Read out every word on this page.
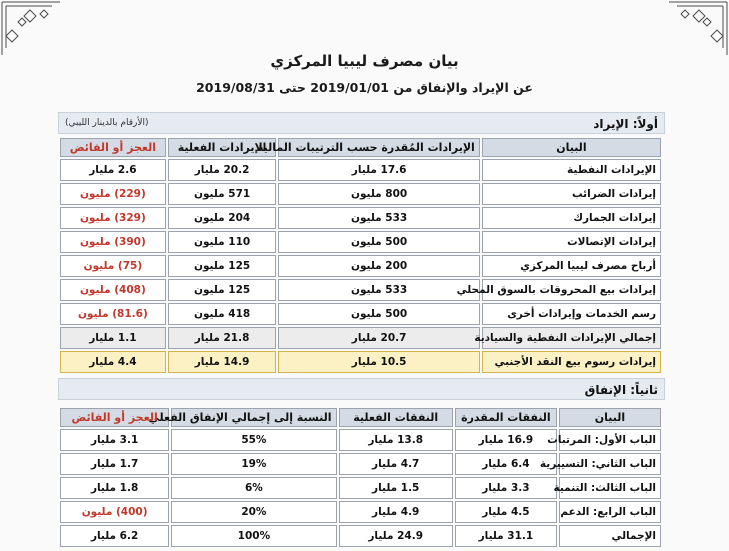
بيان مصرف ليبيا المركزي
عن الإيراد والإنفاق من 2019/01/01 حتى 2019/08/31
أولاً: الإيراد
(الأرقام بالدينار الليبي)
البيان	الإيرادات المُقدرة حسب الترتيبات المالية	الإيرادات الفعلية	العجز أو الفائض
الإيرادات النفطية	17.6 مليار	20.2 مليار	2.6 مليار
إيرادات الضرائب	800 مليون	571 مليون	(229) مليون
إيرادات الجمارك	533 مليون	204 مليون	(329) مليون
إيرادات الإتصالات	500 مليون	110 مليون	(390) مليون
أرباح مصرف ليبيا المركزي	200 مليون	125 مليون	(75) مليون
إيرادات بيع المحروقات بالسوق المحلي	533 مليون	125 مليون	(408) مليون
رسم الخدمات وإيرادات أخرى	500 مليون	418 مليون	(81.6) مليون
إجمالي الإيرادات النفطية والسيادية	20.7 مليار	21.8 مليار	1.1 مليار
إيرادات رسوم بيع النقد الأجنبي	10.5 مليار	14.9 مليار	4.4 مليار
ثانياً: الإنفاق
البيان	النفقات المقدرة	النفقات الفعلية	النسبة إلى إجمالي الإنفاق الفعلي	العجز أو الفائض
الباب الأول: المرتبات	16.9 مليار	13.8 مليار	55%	3.1 مليار
الباب الثاني: التسييرية	6.4 مليار	4.7 مليار	19%	1.7 مليار
الباب الثالث: التنمية	3.3 مليار	1.5 مليار	6%	1.8 مليار
الباب الرابع: الدعم	4.5 مليار	4.9 مليار	20%	(400) مليون
الإجمالي	31.1 مليار	24.9 مليار	100%	6.2 مليار
